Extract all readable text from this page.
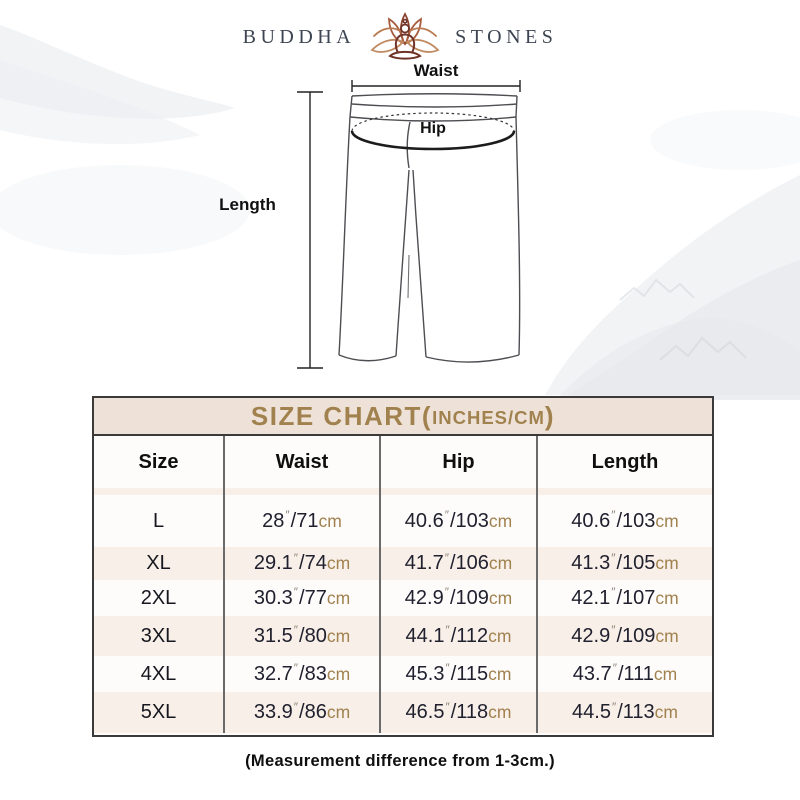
BUDDHA	STONES
Waist
Hip
Length
SIZE CHART ( INCHES/CM )
Size	Waist	Hip	Length
L	28 ″ /71 cm	40.6 ″ /103 cm	40.6 ″ /103 cm
XL	29.1 ″ /74 cm	41.7 ″ /106 cm	41.3 ″ /105 cm
2XL	30.3 ″ /77 cm	42.9 ″ /109 cm	42.1 ″ /107 cm
3XL	31.5 ″ /80 cm	44.1 ″ /112 cm	42.9 ″ /109 cm
4XL	32.7 ″ /83 cm	45.3 ″ /115 cm	43.7 ″ /111 cm
5XL	33.9 ″ /86 cm	46.5 ″ /118 cm	44.5 ″ /113 cm
(Measurement difference from 1-3cm.)
